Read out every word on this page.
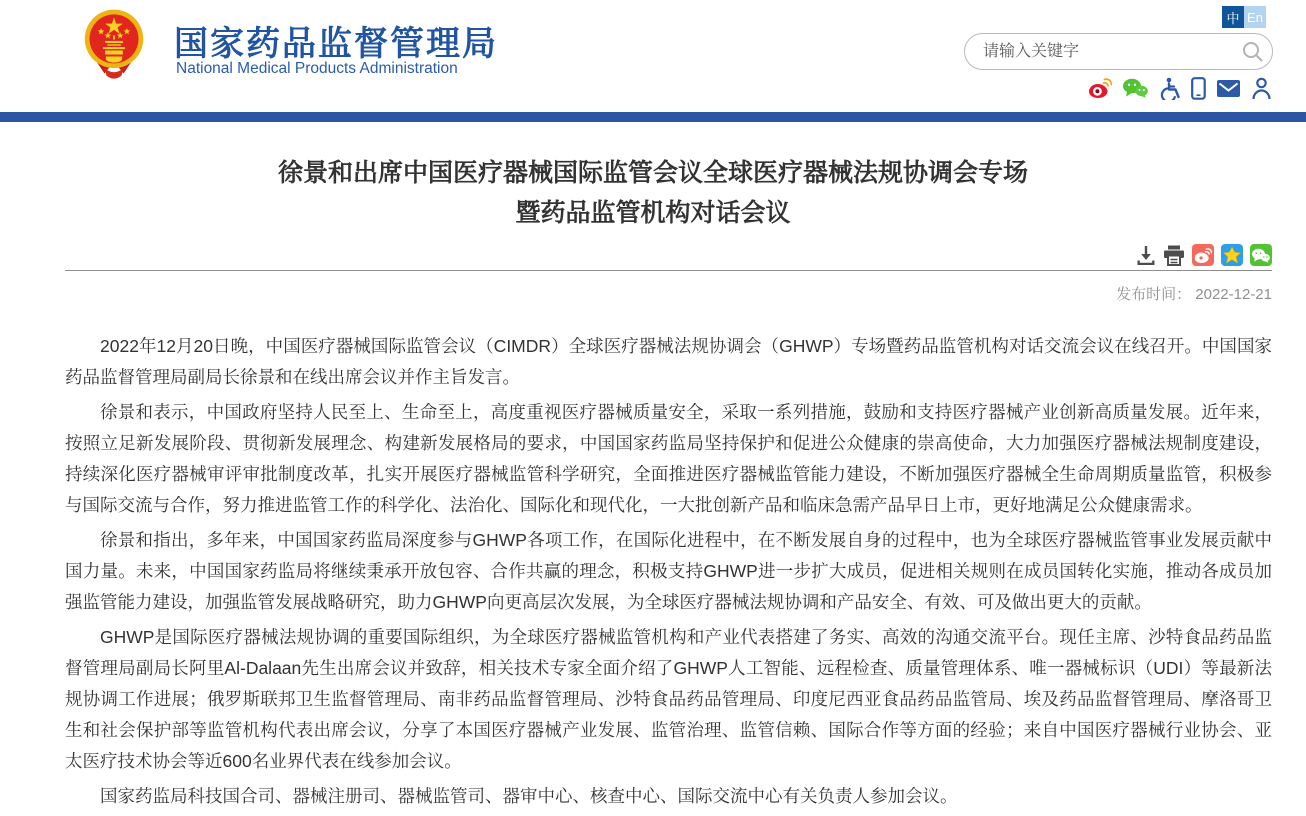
国家药品监督管理局
National Medical Products Administration
中 En
请输入关键字
徐景和出席中国医疗器械国际监管会议全球医疗器械法规协调会专场
暨药品监管机构对话会议
发布时间： 2022-12-21

2022年12月20日晚，中国医疗器械国际监管会议（CIMDR）全球医疗器械法规协调会（GHWP）专场暨药品监管机构对话交流会议在线召开。中国国家药品监督管理局副局长徐景和在线出席会议并作主旨发言。

徐景和表示，中国政府坚持人民至上、生命至上，高度重视医疗器械质量安全，采取一系列措施，鼓励和支持医疗器械产业创新高质量发展。近年来，按照立足新发展阶段、贯彻新发展理念、构建新发展格局的要求，中国国家药监局坚持保护和促进公众健康的崇高使命，大力加强医疗器械法规制度建设，持续深化医疗器械审评审批制度改革，扎实开展医疗器械监管科学研究，全面推进医疗器械监管能力建设，不断加强医疗器械全生命周期质量监管，积极参与国际交流与合作，努力推进监管工作的科学化、法治化、国际化和现代化，一大批创新产品和临床急需产品早日上市，更好地满足公众健康需求。

徐景和指出，多年来，中国国家药监局深度参与GHWP各项工作，在国际化进程中，在不断发展自身的过程中，也为全球医疗器械监管事业发展贡献中国力量。未来，中国国家药监局将继续秉承开放包容、合作共赢的理念，积极支持GHWP进一步扩大成员，促进相关规则在成员国转化实施，推动各成员加强监管能力建设，加强监管发展战略研究，助力GHWP向更高层次发展，为全球医疗器械法规协调和产品安全、有效、可及做出更大的贡献。

GHWP是国际医疗器械法规协调的重要国际组织，为全球医疗器械监管机构和产业代表搭建了务实、高效的沟通交流平台。现任主席、沙特食品药品监督管理局副局长阿里Al-Dalaan先生出席会议并致辞，相关技术专家全面介绍了GHWP人工智能、远程检查、质量管理体系、唯一器械标识（UDI）等最新法规协调工作进展；俄罗斯联邦卫生监督管理局、南非药品监督管理局、沙特食品药品管理局、印度尼西亚食品药品监管局、埃及药品监督管理局、摩洛哥卫生和社会保护部等监管机构代表出席会议，分享了本国医疗器械产业发展、监管治理、监管信赖、国际合作等方面的经验；来自中国医疗器械行业协会、亚太医疗技术协会等近600名业界代表在线参加会议。

国家药监局科技国合司、器械注册司、器械监管司、器审中心、核查中心、国际交流中心有关负责人参加会议。
